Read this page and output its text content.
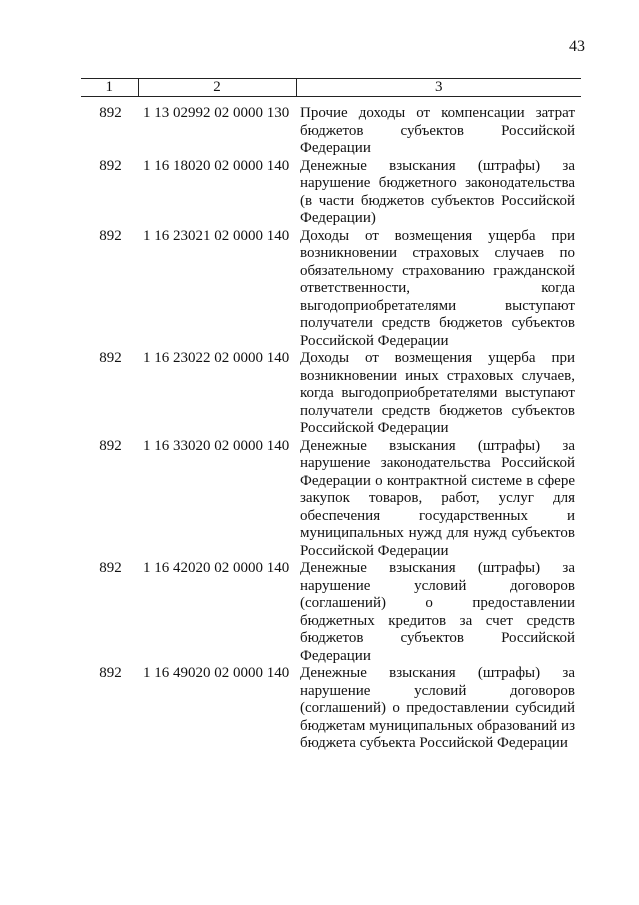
43
1	2	3

892	1 13 02992 02 0000 130	Прочие доходы от компенсации затрат бюджетов субъектов Российской Федерации
892	1 16 18020 02 0000 140	Денежные взыскания (штрафы) за нарушение бюджетного законодательства (в части бюджетов субъектов Российской Федерации)
892	1 16 23021 02 0000 140	Доходы от возмещения ущерба при возникновении страховых случаев по обязательному страхованию гражданской ответственности, когда выгодоприобретателями выступают получатели средств бюджетов субъектов Российской Федерации
892	1 16 23022 02 0000 140	Доходы от возмещения ущерба при возникновении иных страховых случаев, когда выгодоприобретателями выступают получатели средств бюджетов субъектов Российской Федерации
892	1 16 33020 02 0000 140	Денежные взыскания (штрафы) за нарушение законодательства Российской Федерации о контрактной системе в сфере закупок товаров, работ, услуг для обеспечения государственных и муниципальных нужд для нужд субъектов Российской Федерации
892	1 16 42020 02 0000 140	Денежные взыскания (штрафы) за нарушение условий договоров (соглашений) о предоставлении бюджетных кредитов за счет средств бюджетов субъектов Российской Федерации
892	1 16 49020 02 0000 140	Денежные взыскания (штрафы) за нарушение условий договоров (соглашений) о предоставлении субсидий бюджетам муниципальных образований из бюджета субъекта Российской Федерации
